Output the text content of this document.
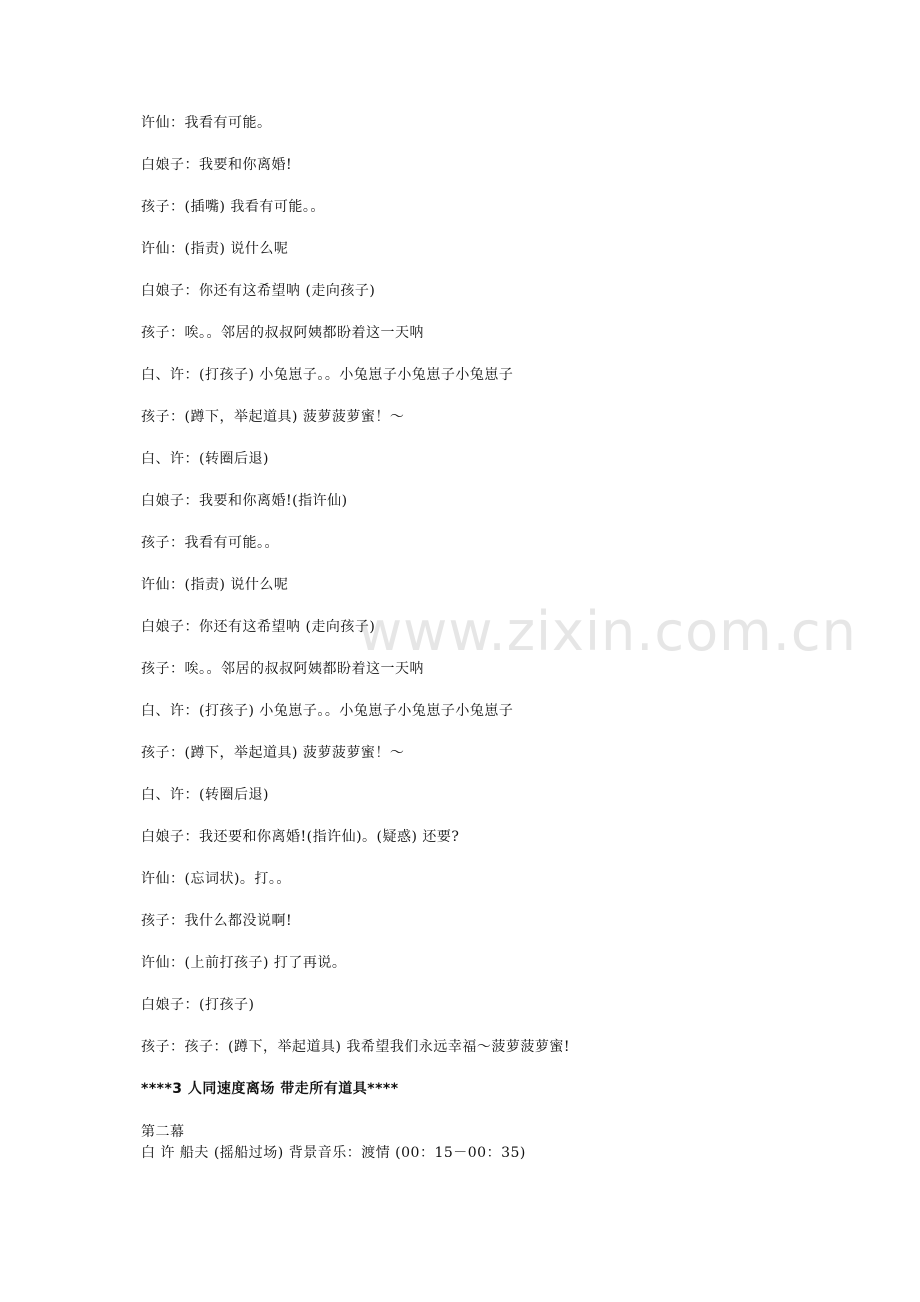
www.zixin.com.cn
许仙：我看有可能。
白娘子：我要和你离婚!
孩子：(插嘴) 我看有可能。。
许仙：(指责) 说什么呢
白娘子：你还有这希望呐 (走向孩子)
孩子：唉。。邻居的叔叔阿姨都盼着这一天呐
白、许：(打孩子) 小兔崽子。。小兔崽子小兔崽子小兔崽子
孩子：(蹲下，举起道具) 菠萝菠萝蜜！～
白、许：(转圈后退)
白娘子：我要和你离婚!(指许仙)
孩子：我看有可能。。
许仙：(指责) 说什么呢
白娘子：你还有这希望呐 (走向孩子)
孩子：唉。。邻居的叔叔阿姨都盼着这一天呐
白、许：(打孩子) 小兔崽子。。小兔崽子小兔崽子小兔崽子
孩子：(蹲下，举起道具) 菠萝菠萝蜜！～
白、许：(转圈后退)
白娘子：我还要和你离婚!(指许仙)。(疑惑) 还要?
许仙：(忘词状)。打。。
孩子：我什么都没说啊!
许仙：(上前打孩子) 打了再说。
白娘子：(打孩子)
孩子：孩子：(蹲下，举起道具) 我希望我们永远幸福～菠萝菠萝蜜!
****3 人同速度离场 带走所有道具****
第二幕
白 许 船夫 (摇船过场) 背景音乐：渡情 (00：15－00：35)
